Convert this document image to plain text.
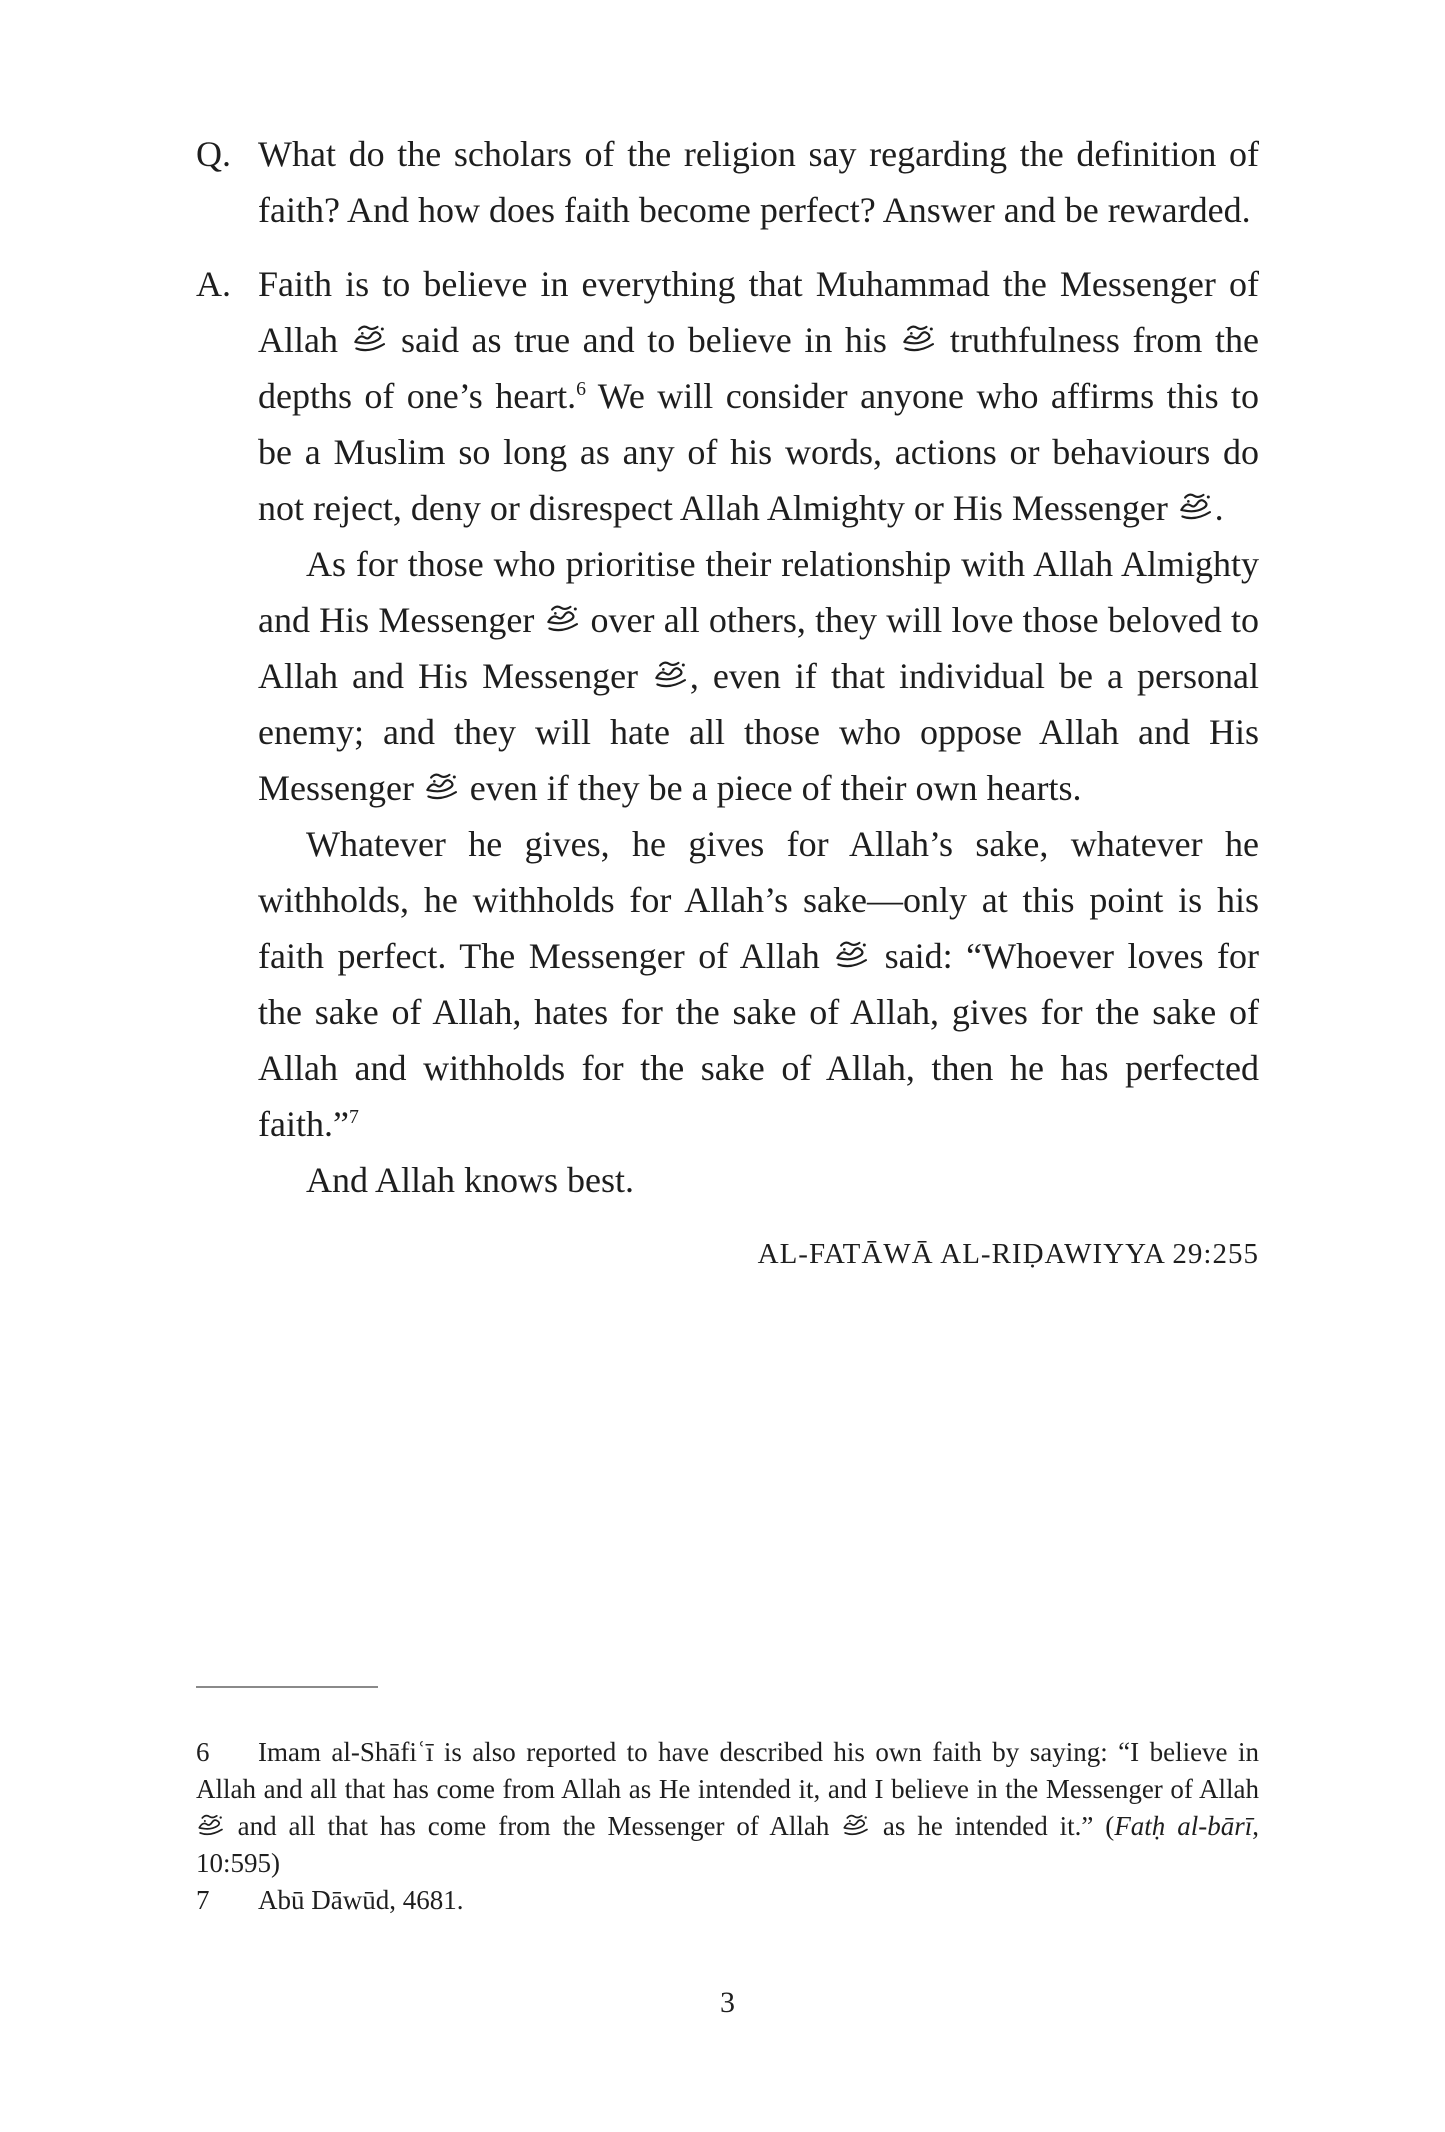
Q. What do the scholars of the religion say regarding the definition of faith? And how does faith become perfect? Answer and be rewarded.

A. Faith is to believe in everything that Muhammad the Messenger of Allah
said as true and to believe in his
truthfulness from the depths of one’s heart.$^6$ We will consider anyone who affirms this to be a Muslim so long as any of his words, actions or behaviours do not reject, deny or disrespect Allah Almighty or His Messenger
.

As for those who prioritise their relationship with Allah Almighty and His Messenger
over all others, they will love those beloved to Allah and His Messenger
, even if that individual be a personal enemy; and they will hate all those who oppose Allah and His Messenger
even if they be a piece of their own hearts.

Whatever he gives, he gives for Allah’s sake, whatever he withholds, he withholds for Allah’s sake—only at this point is his faith perfect. The Messenger of Allah
said: “Whoever loves for the sake of Allah, hates for the sake of Allah, gives for the sake of Allah and withholds for the sake of Allah, then he has perfected faith.”$^7$

And Allah knows best.

AL-FATĀWĀ AL-RIḌAWIYYA 29:255

6 Imam al-Shāfiʿī is also reported to have described his own faith by saying: “I believe in Allah and all that has come from Allah as He intended it, and I believe in the Messenger of Allah
and all that has come from the Messenger of Allah
as he intended it.” (Fatḥ al-bārī, 10:595)

7 Abū Dāwūd, 4681.

3
